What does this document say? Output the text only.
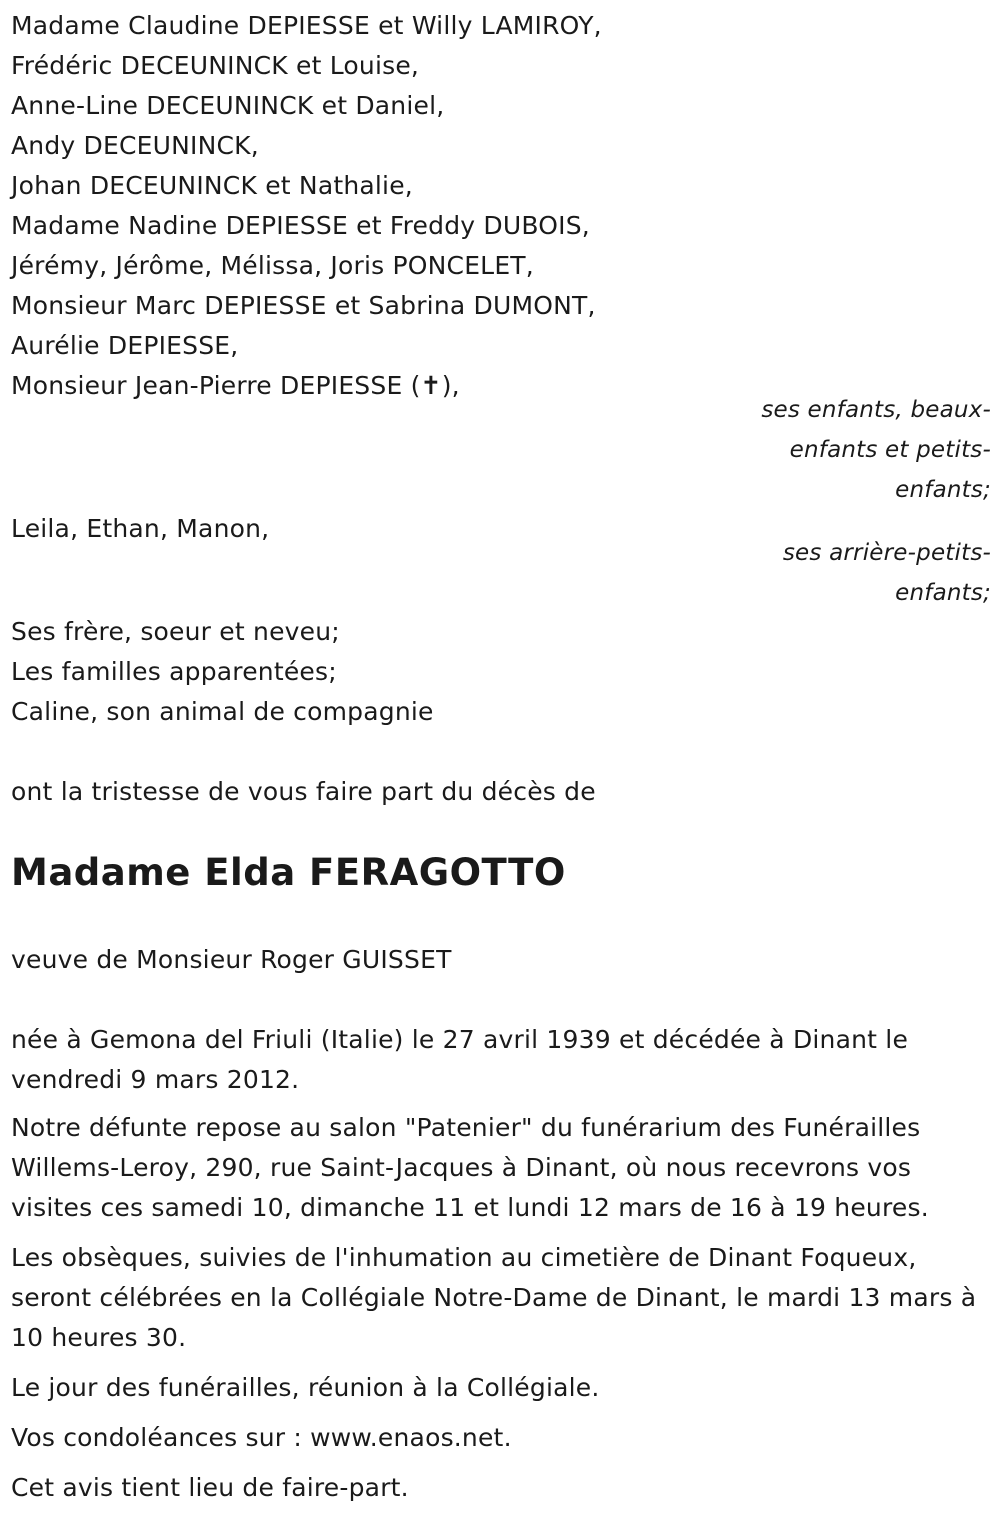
Madame Claudine DEPIESSE et Willy LAMIROY,
Frédéric DECEUNINCK et Louise,
Anne-Line DECEUNINCK et Daniel,
Andy DECEUNINCK,
Johan DECEUNINCK et Nathalie,
Madame Nadine DEPIESSE et Freddy DUBOIS,
Jérémy, Jérôme, Mélissa, Joris PONCELET,
Monsieur Marc DEPIESSE et Sabrina DUMONT,
Aurélie DEPIESSE,
Monsieur Jean-Pierre DEPIESSE (✝),
ses enfants, beaux-
enfants et petits-
enfants;
Leila, Ethan, Manon,
ses arrière-petits-
enfants;
Ses frère, soeur et neveu;
Les familles apparentées;
Caline, son animal de compagnie
ont la tristesse de vous faire part du décès de
Madame Elda FERAGOTTO
veuve de Monsieur Roger GUISSET
née à Gemona del Friuli (Italie) le 27 avril 1939 et décédée à Dinant le vendredi 9 mars 2012.
Notre défunte repose au salon "Patenier" du funérarium des Funérailles Willems-Leroy, 290, rue Saint-Jacques à Dinant, où nous recevrons vos visites ces samedi 10, dimanche 11 et lundi 12 mars de 16 à 19 heures.
Les obsèques, suivies de l'inhumation au cimetière de Dinant Foqueux, seront célébrées en la Collégiale Notre-Dame de Dinant, le mardi 13 mars à 10 heures 30.
Le jour des funérailles, réunion à la Collégiale.
Vos condoléances sur : www.enaos.net.
Cet avis tient lieu de faire-part.
